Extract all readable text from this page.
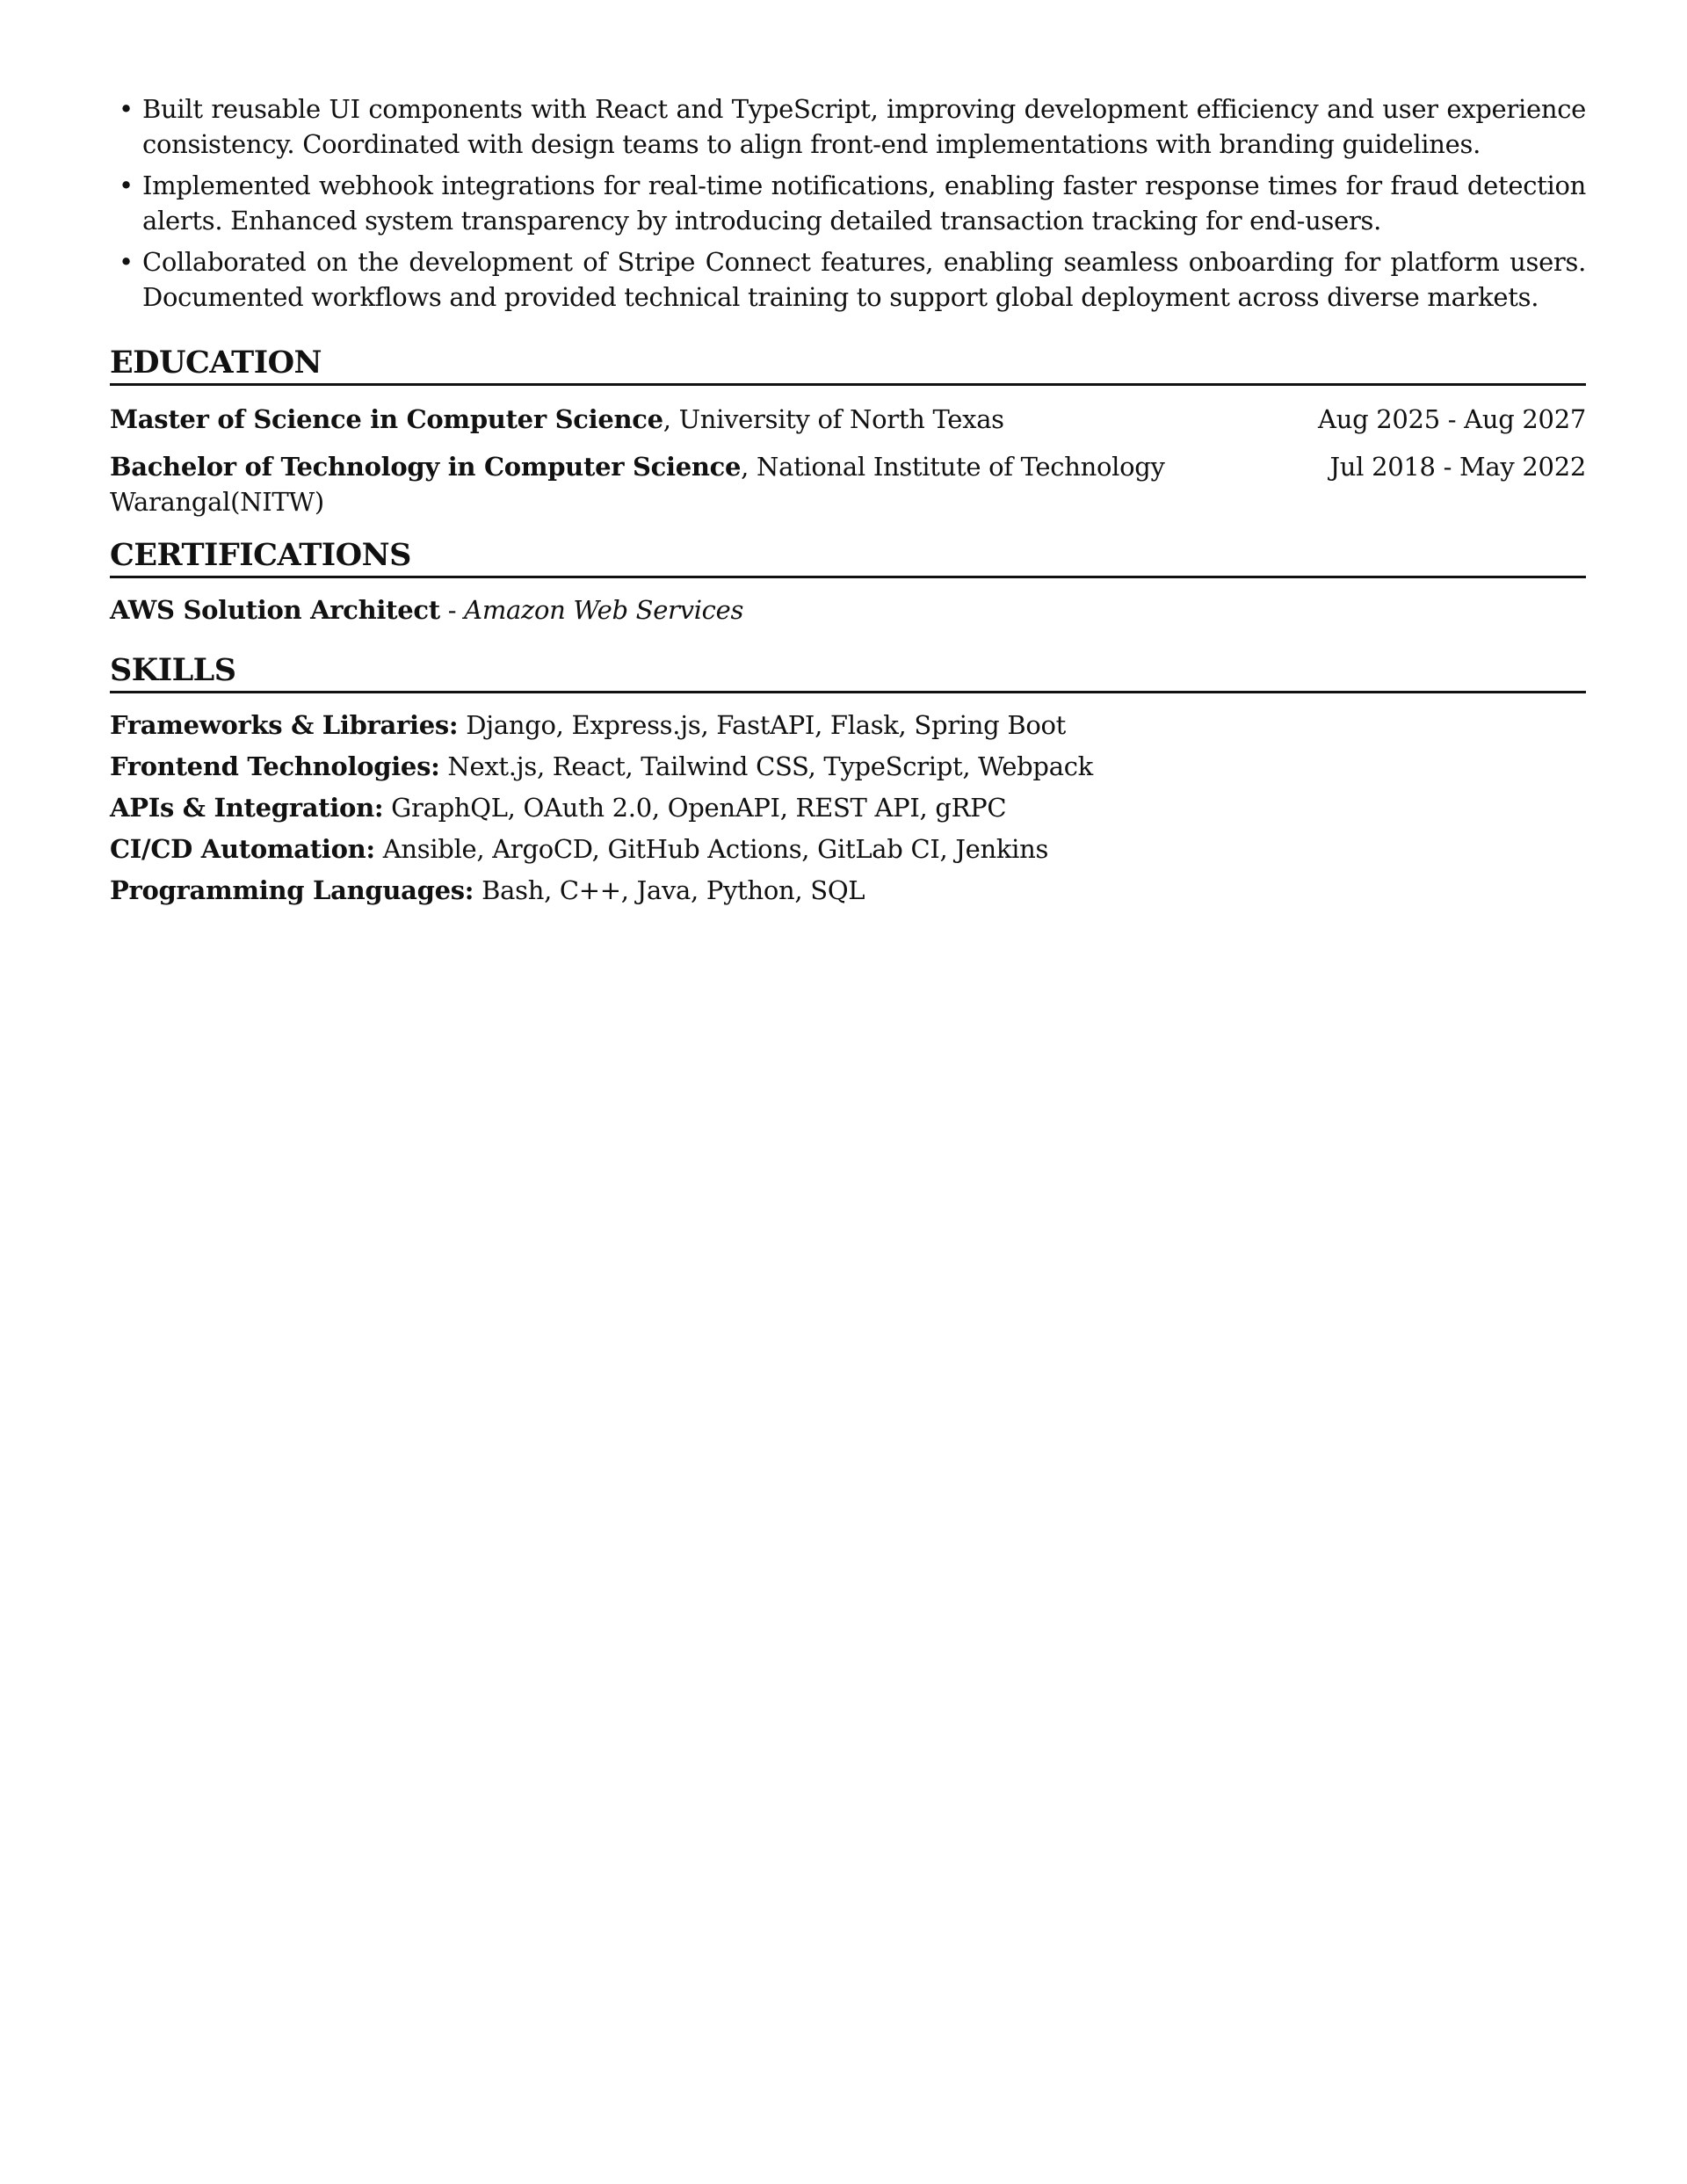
• Built reusable UI components with React and TypeScript, improving development efficiency and user experience consistency. Coordinated with design teams to align front-end implementations with branding guidelines.
• Implemented webhook integrations for real-time notifications, enabling faster response times for fraud detection alerts. Enhanced system transparency by introducing detailed transaction tracking for end-users.
• Collaborated on the development of Stripe Connect features, enabling seamless onboarding for platform users. Documented workflows and provided technical training to support global deployment across diverse markets.
EDUCATION
Master of Science in Computer Science, University of North Texas	Aug 2025 - Aug 2027
Bachelor of Technology in Computer Science, National Institute of Technology Warangal(NITW)
Jul 2018 - May 2022
CERTIFICATIONS
AWS Solution Architect - Amazon Web Services
SKILLS
Frameworks & Libraries: Django, Express.js, FastAPI, Flask, Spring Boot
Frontend Technologies: Next.js, React, Tailwind CSS, TypeScript, Webpack
APIs & Integration: GraphQL, OAuth 2.0, OpenAPI, REST API, gRPC
CI/CD Automation: Ansible, ArgoCD, GitHub Actions, GitLab CI, Jenkins
Programming Languages: Bash, C++, Java, Python, SQL
